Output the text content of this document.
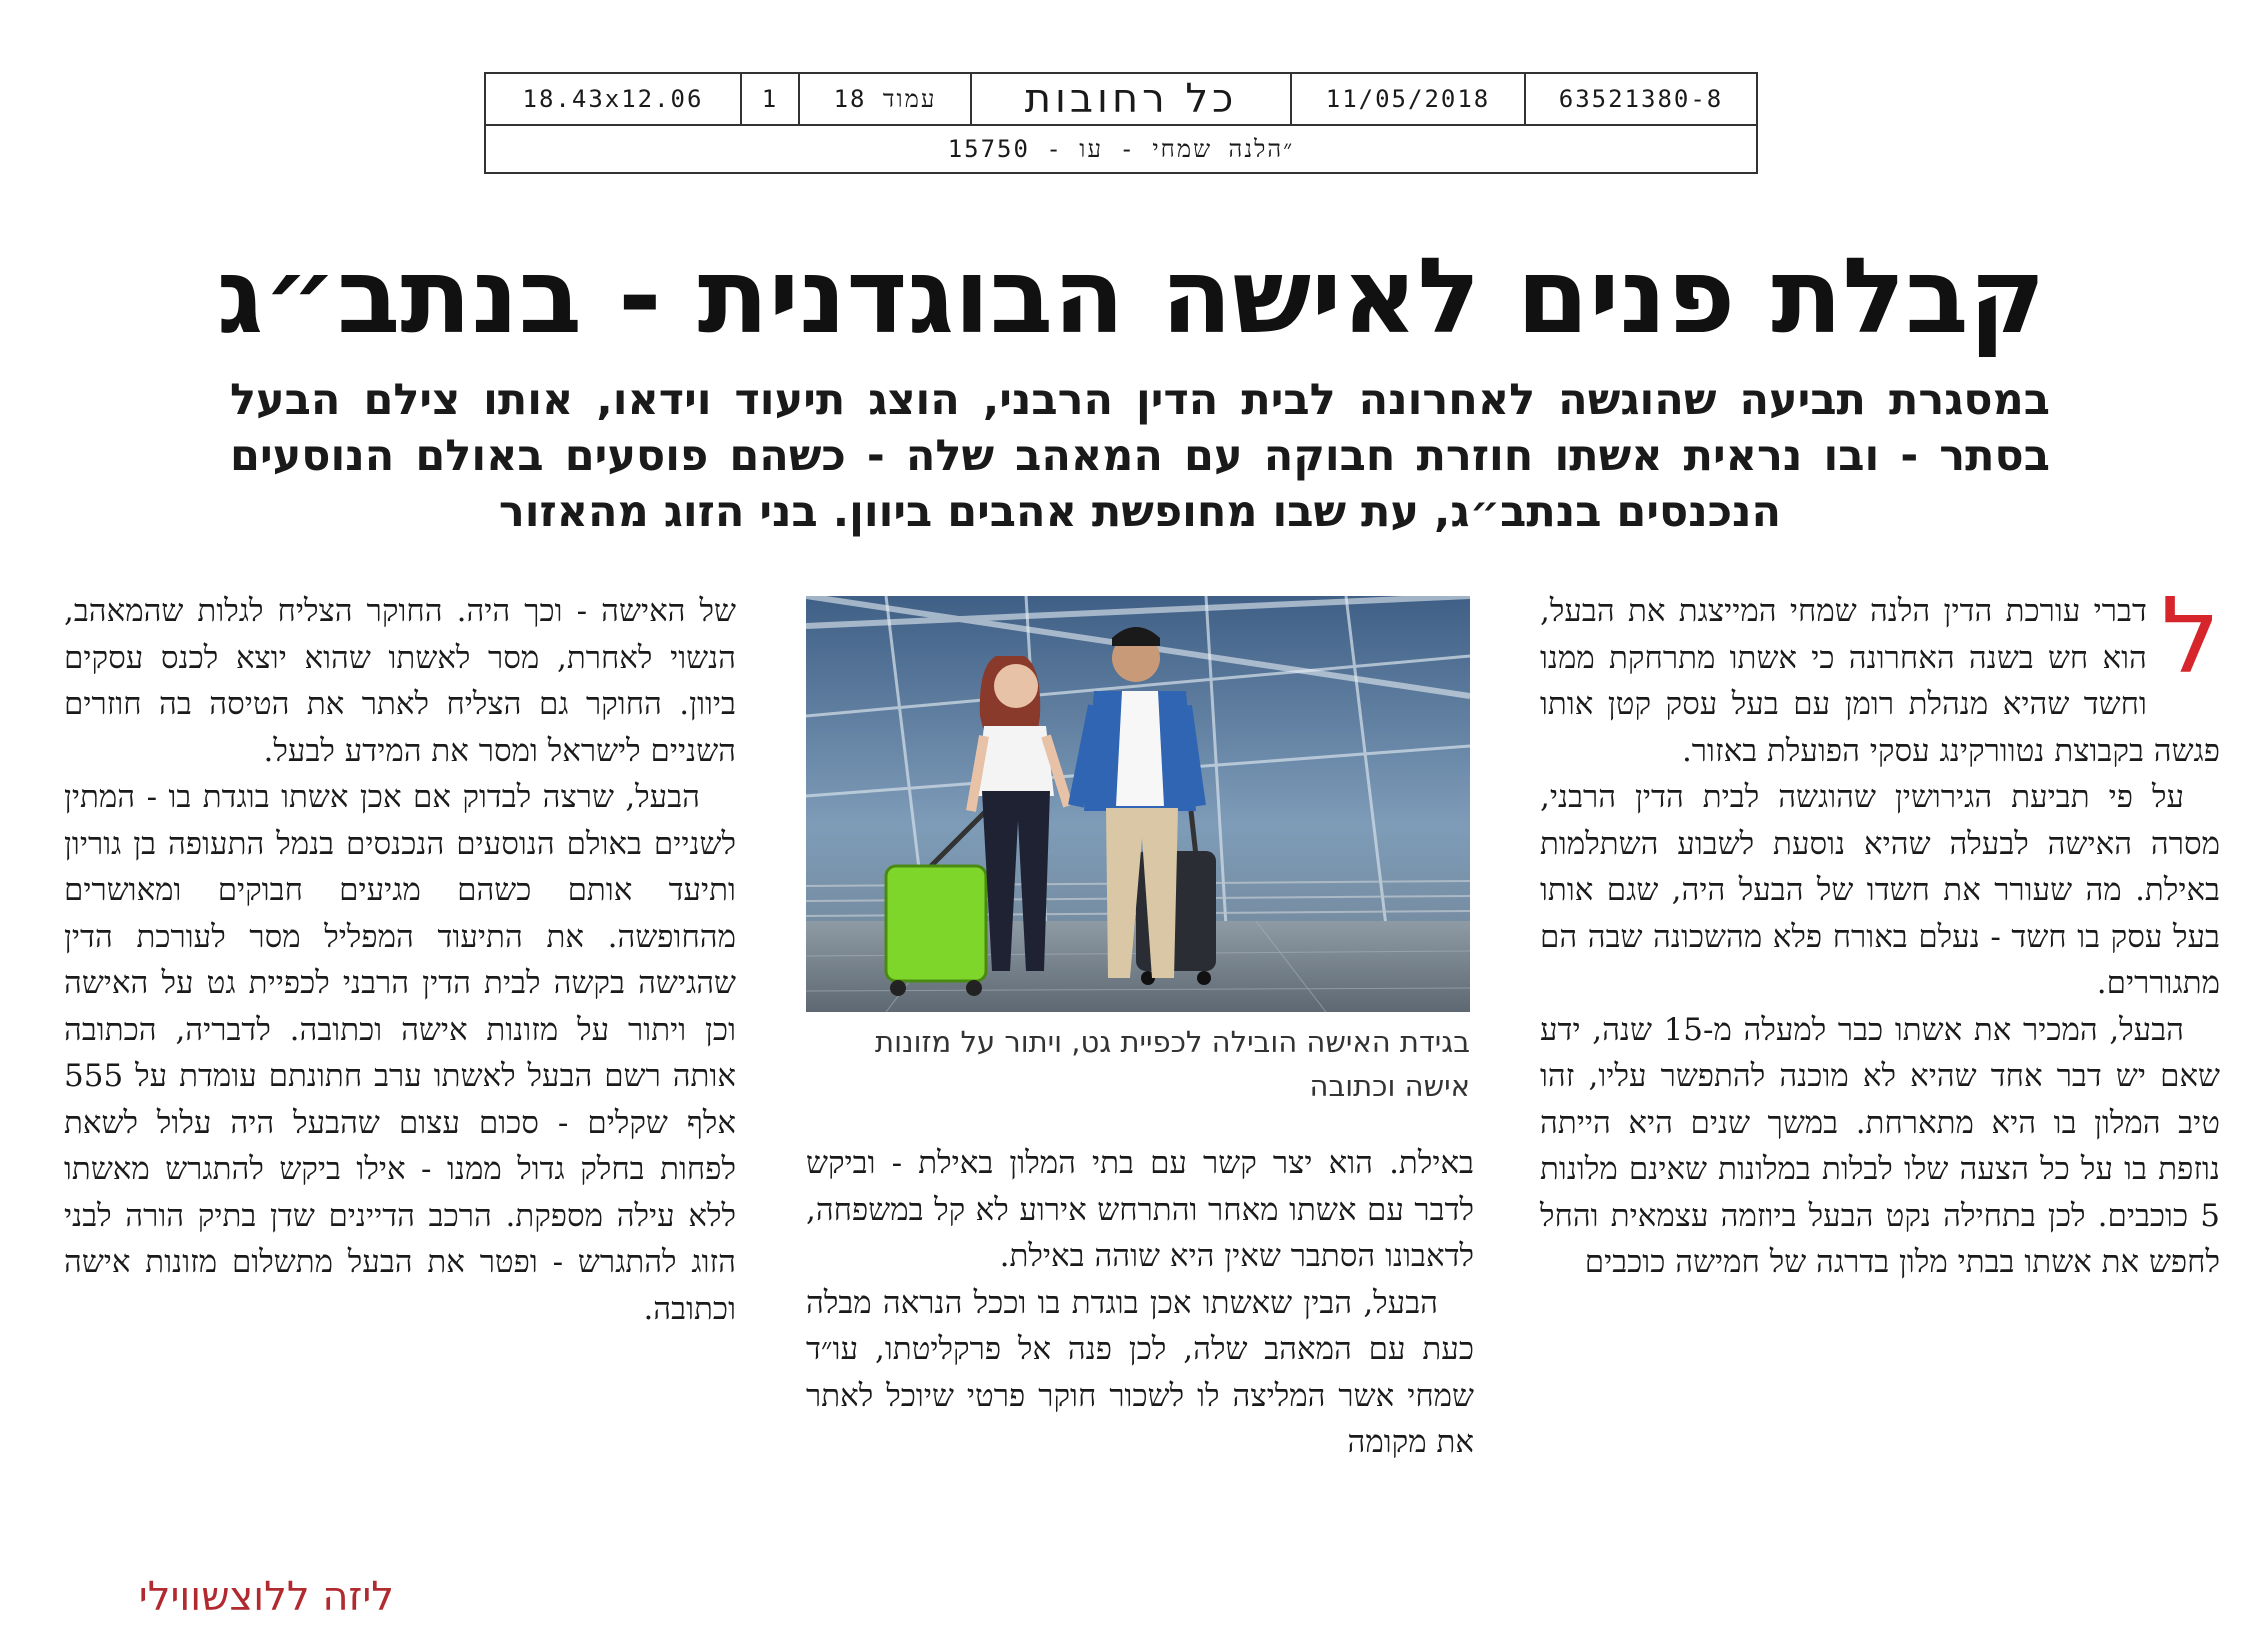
18.43x12.06	1	עמוד 18	כל רחובות	11/05/2018	63521380-8
״הלנה שמחי - עו - 15750
קבלת פנים לאישה הבוגדנית - בנתב״ג

במסגרת תביעה שהוגשה לאחרונה לבית הדין הרבני, הוצג תיעוד וידאו, אותו צילם הבעל בסתר - ובו נראית אשתו חוזרת חבוקה עם המאהב שלה - כשהם פוסעים באולם הנוסעים הנכנסים בנתב״ג, עת שבו מחופשת אהבים ביוון. בני הזוג מהאזור

ל
דברי עורכת הדין הלנה שמחי המייצגת את הבעל, הוא חש בשנה האחרונה כי אשתו מתרחקת ממנו וחשד שהיא מנהלת רומן עם בעל עסק קטן אותו פגשה בקבוצת נטוורקינג עסקי הפועלת באזור.

על פי תביעת הגירושין שהוגשה לבית הדין הרבני, מסרה האישה לבעלה שהיא נוסעת לשבוע השתלמות באילת. מה שעורר את חשדו של הבעל היה, שגם אותו בעל עסק בו חשד - נעלם באורח פלא מהשכונה שבה הם מתגוררים.

הבעל, המכיר את אשתו כבר למעלה מ-15 שנה, ידע שאם יש דבר אחד שהיא לא מוכנה להתפשר עליו, זהו טיב המלון בו היא מתארחת. במשך שנים היא הייתה נוזפת בו על כל הצעה שלו לבלות במלונות שאינם מלונות 5 כוכבים. לכן בתחילה נקט הבעל ביוזמה עצמאית והחל לחפש את אשתו בבתי מלון בדרגה של חמישה כוכבים

בגידת האישה הובילה לכפיית גט, ויתור על מזונות אישה וכתובה

באילת. הוא יצר קשר עם בתי המלון באילת - וביקש לדבר עם אשתו מאחר והתרחש אירוע לא קל במשפחה, לדאבונו הסתבר שאין היא שוהה באילת.

הבעל, הבין שאשתו אכן בוגדת בו וככל הנראה מבלה כעת עם המאהב שלה, לכן פנה אל פרקליטתו, עו״ד שמחי אשר המליצה לו לשכור חוקר פרטי שיוכל לאתר את מקומה

של האישה - וכך היה. החוקר הצליח לגלות שהמאהב, הנשוי לאחרת, מסר לאשתו שהוא יוצא לכנס עסקים ביוון. החוקר גם הצליח לאתר את הטיסה בה חוזרים השניים לישראל ומסר את המידע לבעל.

הבעל, שרצה לבדוק אם אכן אשתו בוגדת בו - המתין לשניים באולם הנוסעים הנכנסים בנמל התעופה בן גוריון ותיעד אותם כשהם מגיעים חבוקים ומאושרים מהחופשה. את התיעוד המפליל מסר לעורכת הדין שהגישה בקשה לבית הדין הרבני לכפיית גט על האישה וכן ויתור על מזונות אישה וכתובה. לדבריה, הכתובה אותה רשם הבעל לאשתו ערב חתונתם עומדת על 555 אלף שקלים - סכום עצום שהבעל היה עלול לשאת לפחות בחלק גדול ממנו - אילו ביקש להתגרש מאשתו ללא עילה מספקת. הרכב הדיינים שדן בתיק הורה לבני הזוג להתגרש - ופטר את הבעל מתשלום מזונות אישה וכתובה.

ליזה ללוצשווילי
